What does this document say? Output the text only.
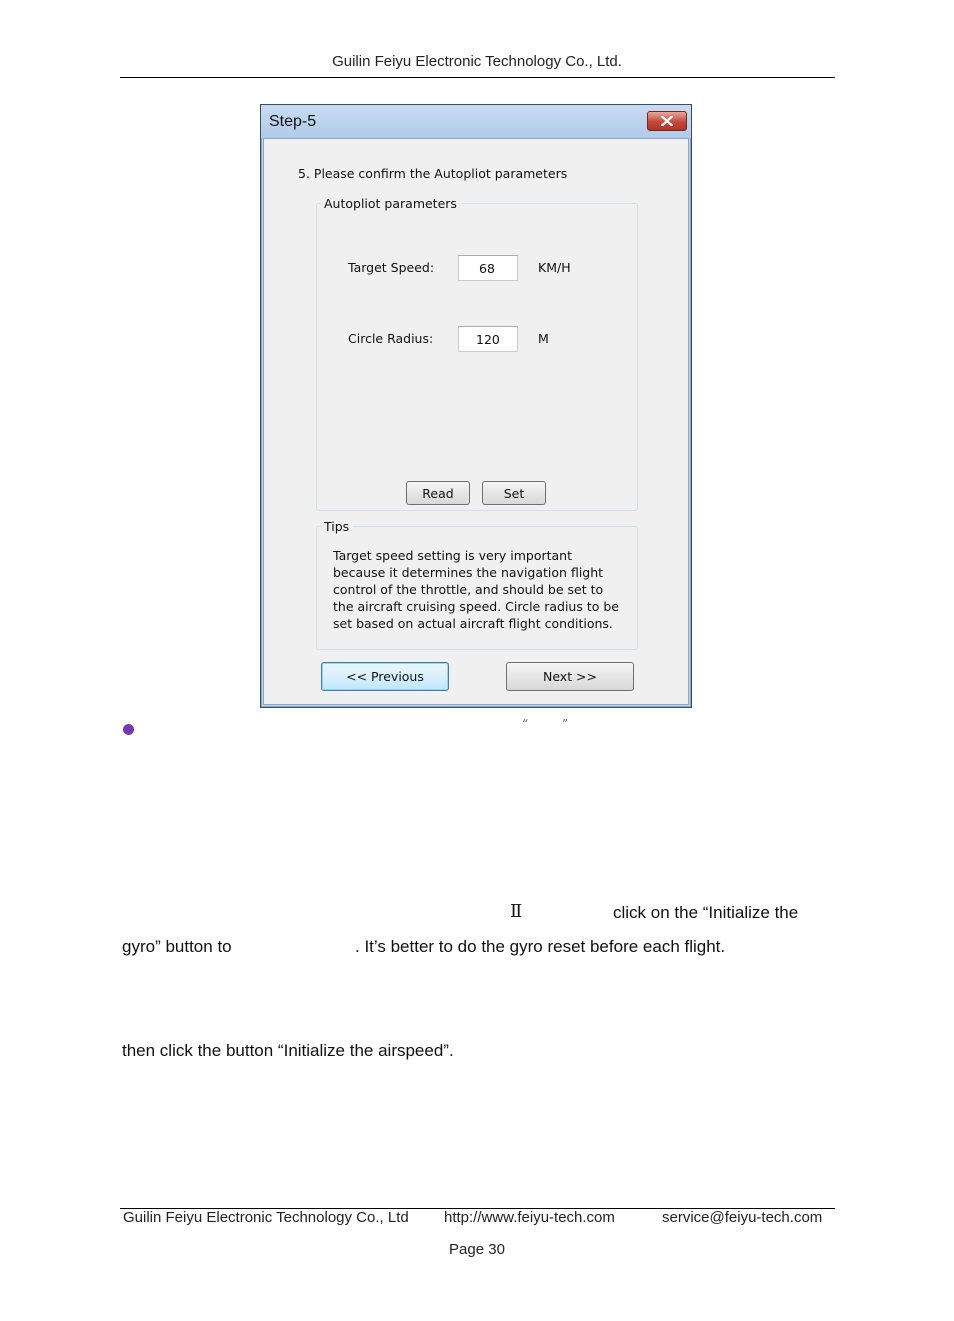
Guilin Feiyu Electronic Technology Co., Ltd.
Step-5
5. Please confirm the Autopliot parameters
Autopliot parameters
Target Speed:	68	KM/H
Circle Radius:	120	M
Read	Set
Tips
Target speed setting is very important
because it determines the navigation flight
control of the throttle, and should be set to
the aircraft cruising speed. Circle radius to be
set based on actual aircraft flight conditions.
<< Previous	Next >>
“	”
Ⅱ	click on the “Initialize the
gyro” button to	. It’s better to do the gyro reset before each flight.
then click the button “Initialize the airspeed”.
Guilin Feiyu Electronic Technology Co., Ltd http://www.feiyu-tech.com	service@feiyu-tech.com
Page 30
